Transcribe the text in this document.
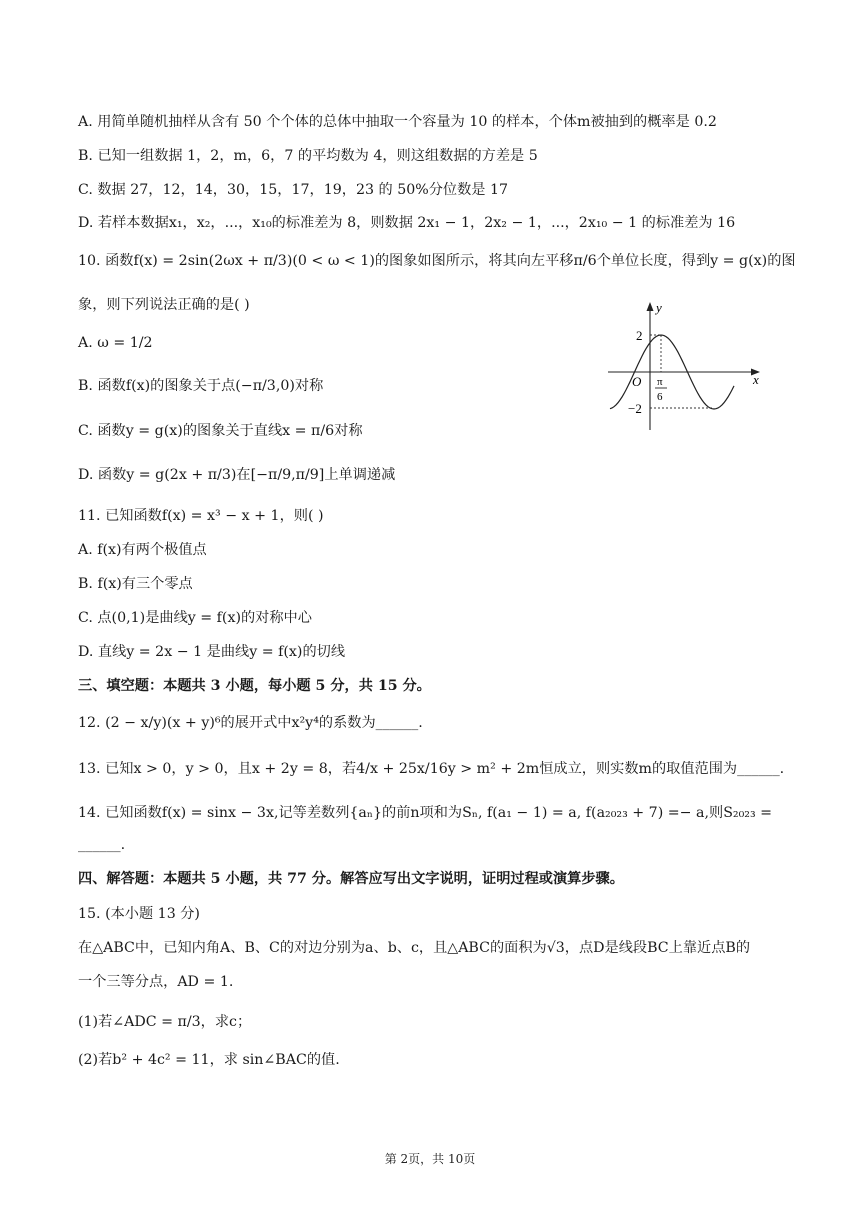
A. 用简单随机抽样从含有 50 个个体的总体中抽取一个容量为 10 的样本，个体m被抽到的概率是 0.2
B. 已知一组数据 1，2，m，6，7 的平均数为 4，则这组数据的方差是 5
C. 数据 27，12，14，30，15，17，19，23 的 50%分位数是 17
D. 若样本数据x₁，x₂，...，x₁₀的标准差为 8，则数据 2x₁ − 1，2x₂ − 1，...，2x₁₀ − 1 的标准差为 16
10. 函数f(x) = 2sin(2ωx + π/3)(0 < ω < 1)的图象如图所示，将其向左平移π/6个单位长度，得到y = g(x)的图
象，则下列说法正确的是( )
A. ω = 1/2
B. 函数f(x)的图象关于点(−π/3,0)对称
C. 函数y = g(x)的图象关于直线x = π/6对称
D. 函数y = g(2x + π/3)在[−π/9,π/9]上单调递减
11. 已知函数f(x) = x³ − x + 1，则( )
A. f(x)有两个极值点
B. f(x)有三个零点
C. 点(0,1)是曲线y = f(x)的对称中心
D. 直线y = 2x − 1 是曲线y = f(x)的切线
三、填空题：本题共 3 小题，每小题 5 分，共 15 分。
12. (2 − x/y)(x + y)⁶的展开式中x²y⁴的系数为______.
13. 已知x > 0，y > 0，且x + 2y = 8，若4/x + 25x/16y > m² + 2m恒成立，则实数m的取值范围为______.
14. 已知函数f(x) = sinx − 3x,记等差数列{aₙ}的前n项和为Sₙ, f(a₁ − 1) = a, f(a₂₀₂₃ + 7) =− a,则S₂₀₂₃ =
______.
四、解答题：本题共 5 小题，共 77 分。解答应写出文字说明，证明过程或演算步骤。
15. (本小题 13 分)
在△ABC中，已知内角A、B、C的对边分别为a、b、c，且△ABC的面积为√3，点D是线段BC上靠近点B的
一个三等分点，AD = 1.
(1)若∠ADC = π/3，求c；
(2)若b² + 4c² = 11，求 sin∠BAC的值.
y
x
O
2
−2
π
6
第 2页，共 10页
